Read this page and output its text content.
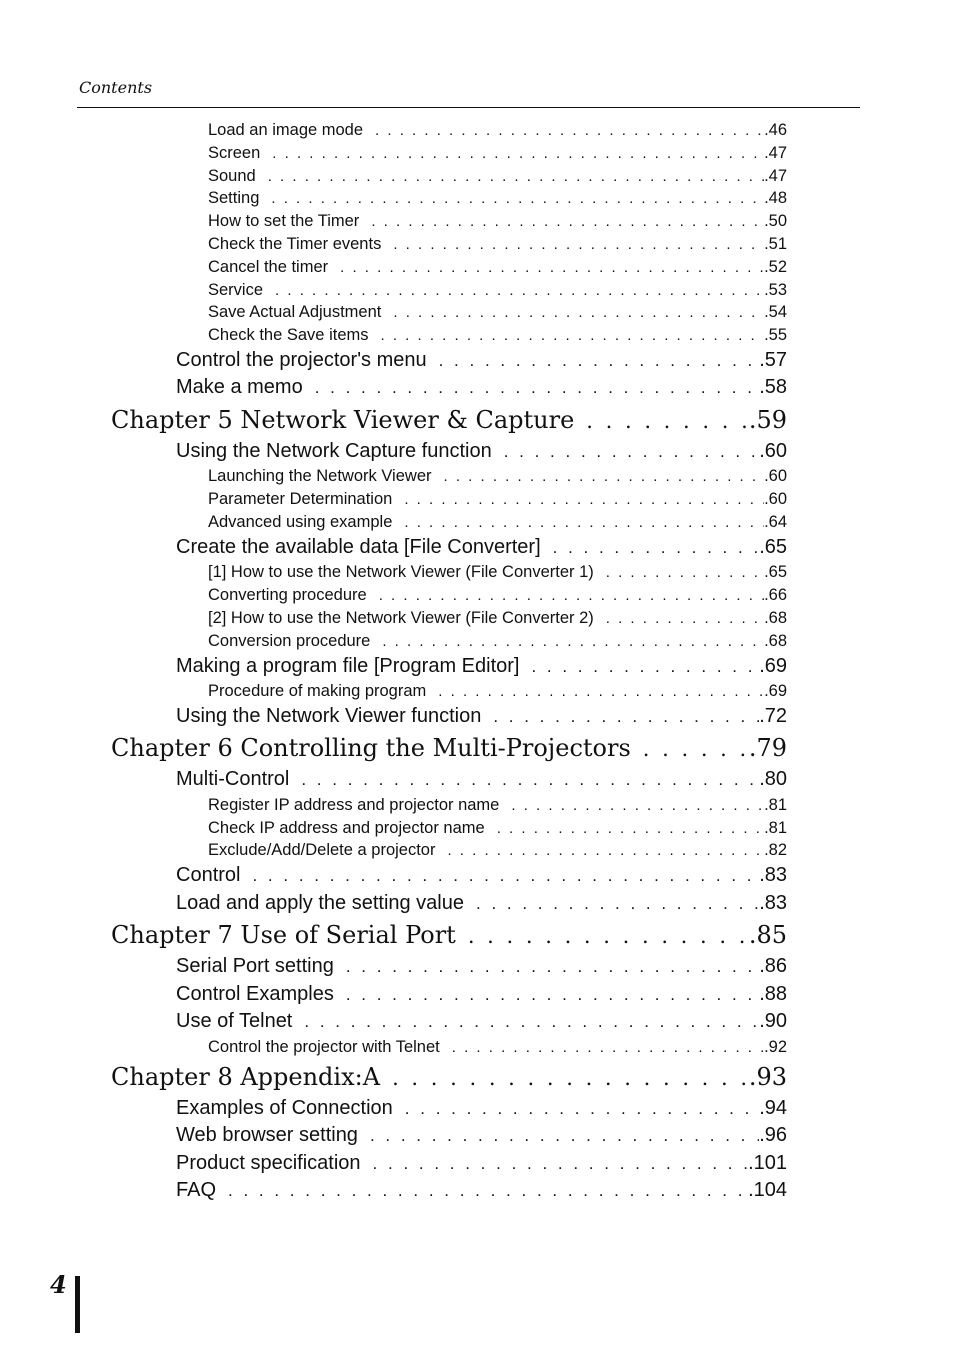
Contents
Load an image mode . . .	.46
Screen . . .	.47
Sound . . .	.47
Setting . . .	.48
How to set the Timer . . .	.50
Check the Timer events . . .	.51
Cancel the timer . . .	.52
Service . . .	.53
Save Actual Adjustment . . .	.54
Check the Save items . . .	.55
Control the projector's menu . . .	.57
Make a memo . . .	.58
Chapter 5 Network Viewer & Capture . . .	.59
Using the Network Capture function . . .	.60
Launching the Network Viewer . . .	.60
Parameter Determination . . .	.60
Advanced using example . . .	.64
Create the available data [File Converter] . . .	.65
[1] How to use the Network Viewer (File Converter 1) . . .	.65
Converting procedure . . .	.66
[2] How to use the Network Viewer (File Converter 2) . . .	.68
Conversion procedure . . .	.68
Making a program file [Program Editor] . . .	.69
Procedure of making program . . .	.69
Using the Network Viewer function . . .	.72
Chapter 6 Controlling the Multi-Projectors . . .	.79
Multi-Control . . .	.80
Register IP address and projector name . . .	.81
Check IP address and projector name . . .	.81
Exclude/Add/Delete a projector . . .	.82
Control . . .	.83
Load and apply the setting value . . .	.83
Chapter 7 Use of Serial Port . . .	.85
Serial Port setting . . .	.86
Control Examples . . .	.88
Use of Telnet . . .	.90
Control the projector with Telnet . . .	.92
Chapter 8 Appendix:A . . .	.93
Examples of Connection . . .	.94
Web browser setting . . .	.96
Product specification . . .	.101
FAQ . . .	.104
4
